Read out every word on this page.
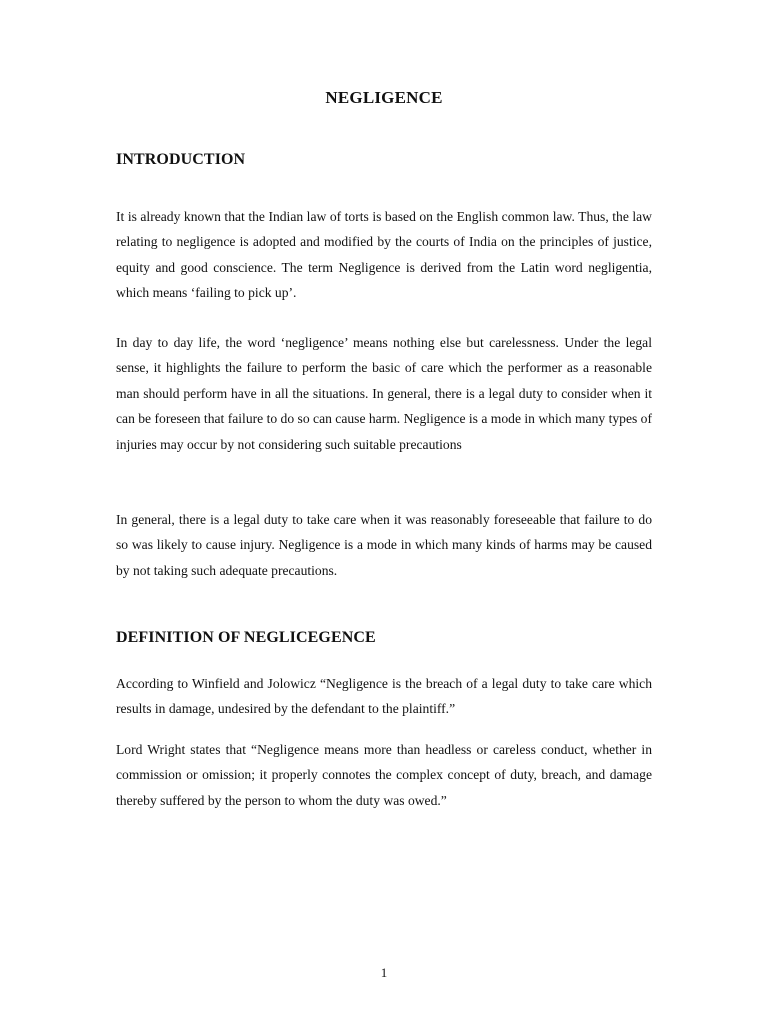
NEGLIGENCE
INTRODUCTION
It is already known that the Indian law of torts is based on the English common law. Thus, the law relating to negligence is adopted and modified by the courts of India on the principles of justice, equity and good conscience. The term Negligence is derived from the Latin word negligentia, which means ‘failing to pick up’.
In day to day life, the word ‘negligence’ means nothing else but carelessness. Under the legal sense, it highlights the failure to perform the basic of care which the performer as a reasonable man should perform have in all the situations. In general, there is a legal duty to consider when it can be foreseen that failure to do so can cause harm. Negligence is a mode in which many types of injuries may occur by not considering such suitable precautions
In general, there is a legal duty to take care when it was reasonably foreseeable that failure to do so was likely to cause injury. Negligence is a mode in which many kinds of harms may be caused by not taking such adequate precautions.
DEFINITION OF NEGLICEGENCE
According to Winfield and Jolowicz “Negligence is the breach of a legal duty to take care which results in damage, undesired by the defendant to the plaintiff.”
Lord Wright states that “Negligence means more than headless or careless conduct, whether in commission or omission; it properly connotes the complex concept of duty, breach, and damage thereby suffered by the person to whom the duty was owed.”
1
